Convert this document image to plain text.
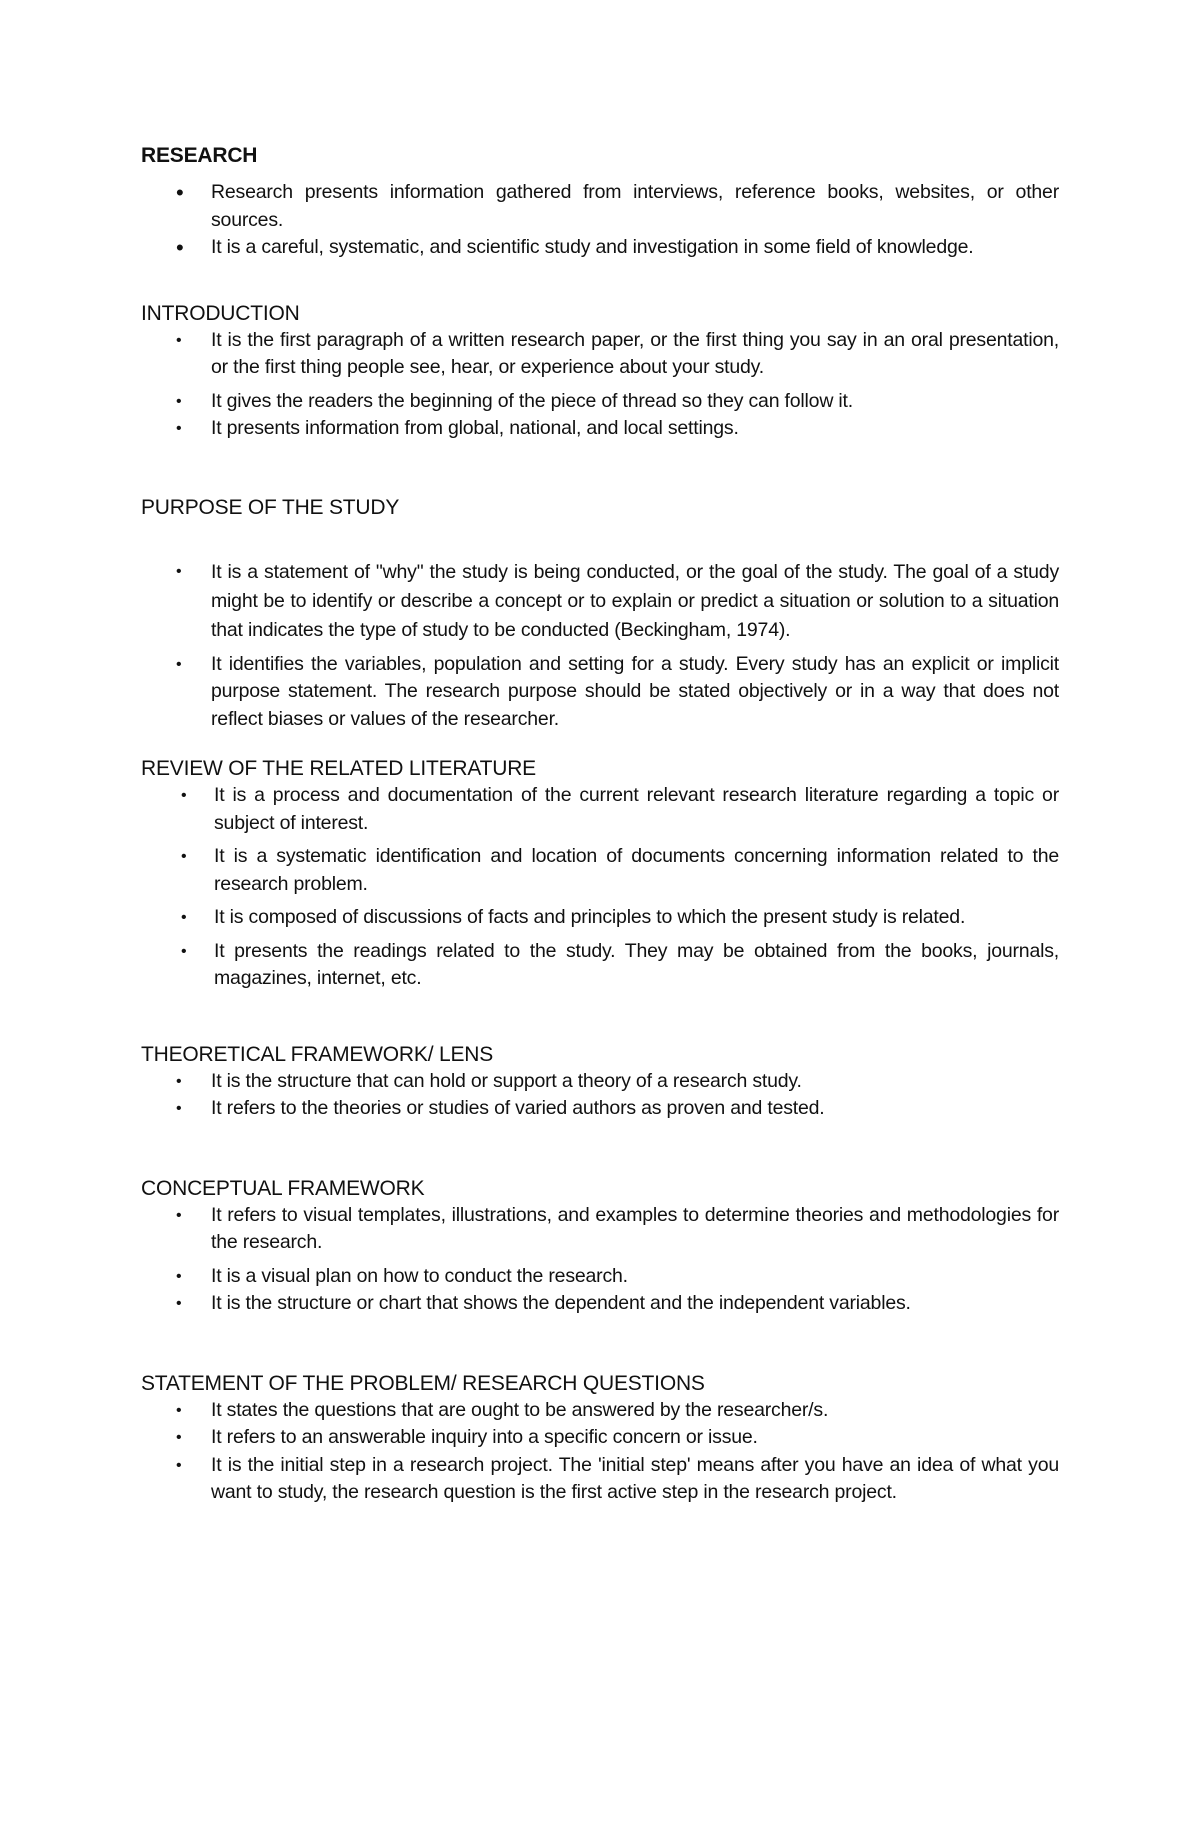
RESEARCH
• Research presents information gathered from interviews, reference books, websites, or other sources.
• It is a careful, systematic, and scientific study and investigation in some field of knowledge.
INTRODUCTION
• It is the first paragraph of a written research paper, or the first thing you say in an oral presentation, or the first thing people see, hear, or experience about your study.
• It gives the readers the beginning of the piece of thread so they can follow it.
• It presents information from global, national, and local settings.
PURPOSE OF THE STUDY
• It is a statement of "why" the study is being conducted, or the goal of the study. The goal of a study might be to identify or describe a concept or to explain or predict a situation or solution to a situation that indicates the type of study to be conducted (Beckingham, 1974).
• It identifies the variables, population and setting for a study. Every study has an explicit or implicit purpose statement. The research purpose should be stated objectively or in a way that does not reflect biases or values of the researcher.
REVIEW OF THE RELATED LITERATURE
• It is a process and documentation of the current relevant research literature regarding a topic or subject of interest.
• It is a systematic identification and location of documents concerning information related to the research problem.
• It is composed of discussions of facts and principles to which the present study is related.
• It presents the readings related to the study. They may be obtained from the books, journals, magazines, internet, etc.
THEORETICAL FRAMEWORK/ LENS
• It is the structure that can hold or support a theory of a research study.
• It refers to the theories or studies of varied authors as proven and tested.
CONCEPTUAL FRAMEWORK
• It refers to visual templates, illustrations, and examples to determine theories and methodologies for the research.
• It is a visual plan on how to conduct the research.
• It is the structure or chart that shows the dependent and the independent variables.
STATEMENT OF THE PROBLEM/ RESEARCH QUESTIONS
• It states the questions that are ought to be answered by the researcher/s.
• It refers to an answerable inquiry into a specific concern or issue.
• It is the initial step in a research project. The 'initial step' means after you have an idea of what you want to study, the research question is the first active step in the research project.
